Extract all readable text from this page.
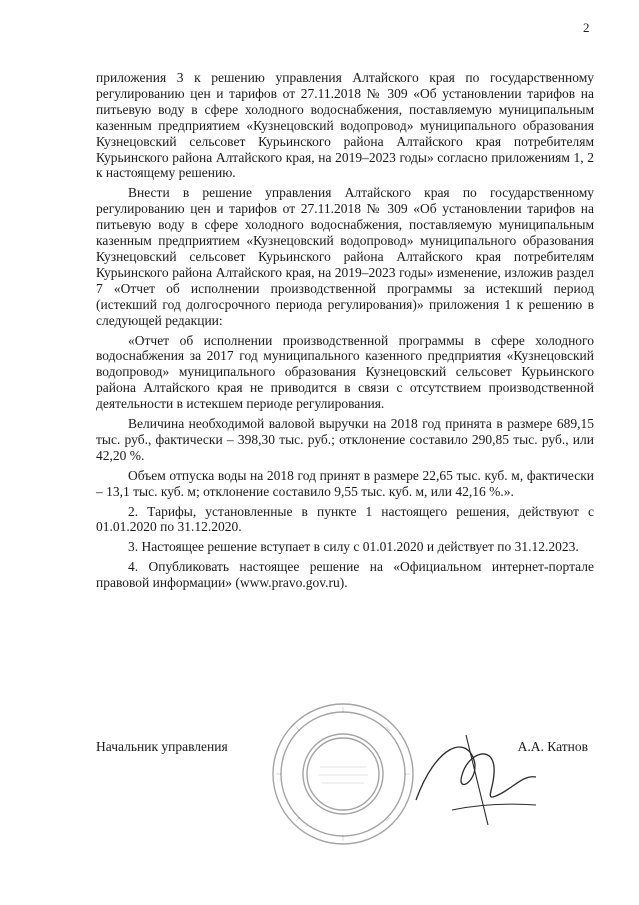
2

приложения 3 к решению управления Алтайского края по государственному регулированию цен и тарифов от 27.11.2018 № 309 «Об установлении тарифов на питьевую воду в сфере холодного водоснабжения, поставляемую муниципальным казенным предприятием «Кузнецовский водопровод» муниципального образования Кузнецовский сельсовет Курьинского района Алтайского края потребителям Курьинского района Алтайского края, на 2019–2023 годы» согласно приложениям 1, 2 к настоящему решению.

Внести в решение управления Алтайского края по государственному регулированию цен и тарифов от 27.11.2018 № 309 «Об установлении тарифов на питьевую воду в сфере холодного водоснабжения, поставляемую муниципальным казенным предприятием «Кузнецовский водопровод» муниципального образования Кузнецовский сельсовет Курьинского района Алтайского края потребителям Курьинского района Алтайского края, на 2019–2023 годы» изменение, изложив раздел 7 «Отчет об исполнении производственной программы за истекший период (истекший год долгосрочного периода регулирования)» приложения 1 к решению в следующей редакции:

«Отчет об исполнении производственной программы в сфере холодного водоснабжения за 2017 год муниципального казенного предприятия «Кузнецовский водопровод» муниципального образования Кузнецовский сельсовет Курьинского района Алтайского края не приводится в связи с отсутствием производственной деятельности в истекшем периоде регулирования.

Величина необходимой валовой выручки на 2018 год принята в размере 689,15 тыс. руб., фактически – 398,30 тыс. руб.; отклонение составило 290,85 тыс. руб., или 42,20 %.

Объем отпуска воды на 2018 год принят в размере 22,65 тыс. куб. м, фактически – 13,1 тыс. куб. м; отклонение составило 9,55 тыс. куб. м, или 42,16 %.».

2. Тарифы, установленные в пункте 1 настоящего решения, действуют с 01.01.2020 по 31.12.2020.

3. Настоящее решение вступает в силу с 01.01.2020 и действует по 31.12.2023.

4. Опубликовать настоящее решение на «Официальном интернет-портале правовой информации» (www.pravo.gov.ru).

Начальник управления	А.А. Катнов
